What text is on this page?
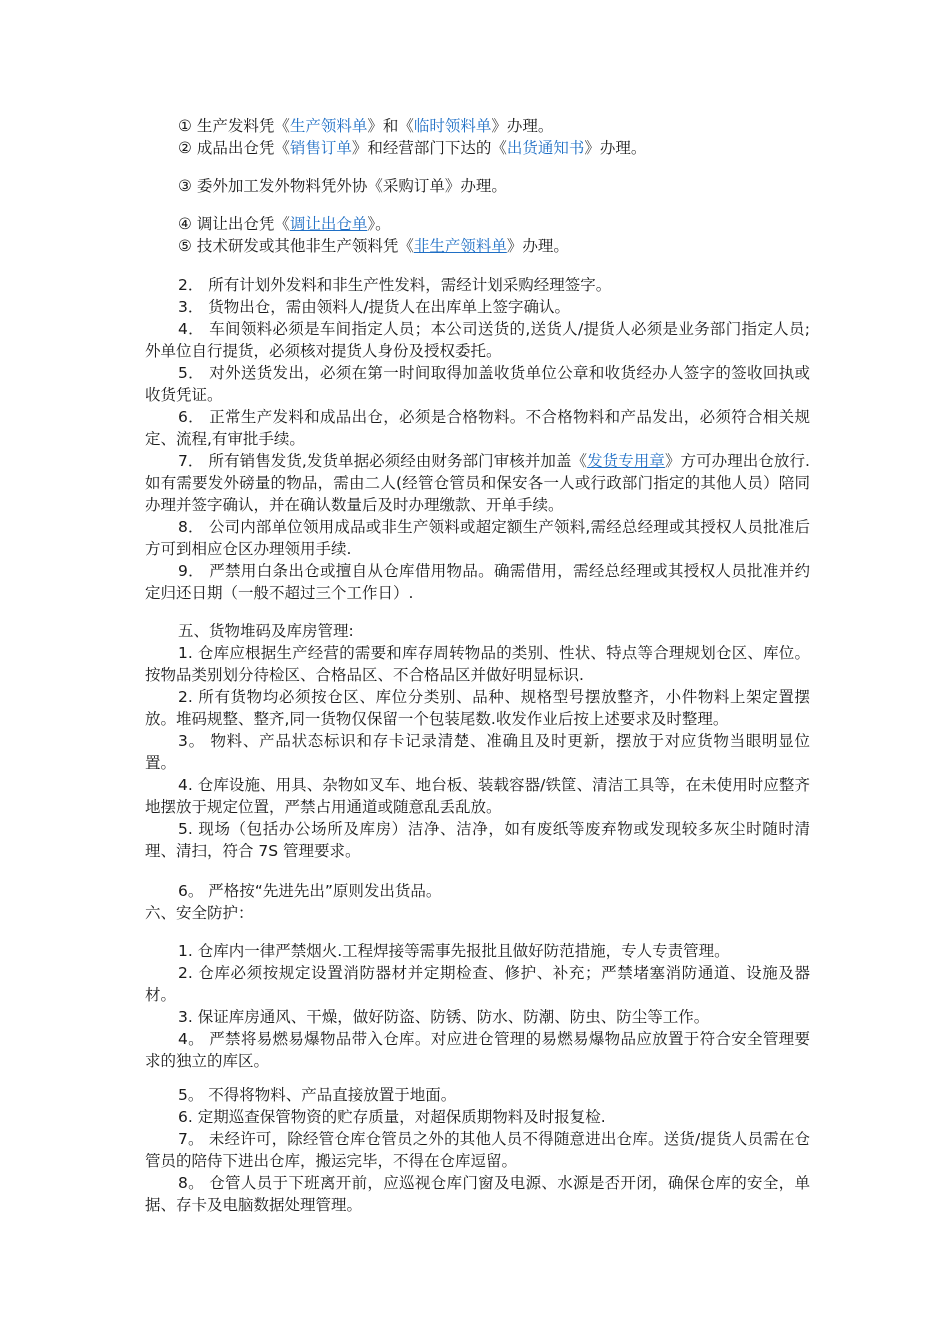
① 生产发料凭《生产领料单》和《临时领料单》办理。

② 成品出仓凭《销售订单》和经营部门下达的《出货通知书》办理。

③ 委外加工发外物料凭外协《采购订单》办理。

④ 调让出仓凭《调让出仓单》。

⑤ 技术研发或其他非生产领料凭《非生产领料单》办理。

2． 所有计划外发料和非生产性发料，需经计划采购经理签字。

3． 货物出仓，需由领料人/提货人在出库单上签字确认。

4． 车间领料必须是车间指定人员；本公司送货的,送货人/提货人必须是业务部门指定人员;外单位自行提货，必须核对提货人身份及授权委托。

5． 对外送货发出，必须在第一时间取得加盖收货单位公章和收货经办人签字的签收回执或收货凭证。

6． 正常生产发料和成品出仓，必须是合格物料。不合格物料和产品发出，必须符合相关规定、流程,有审批手续。

7． 所有销售发货,发货单据必须经由财务部门审核并加盖《发货专用章》方可办理出仓放行.如有需要发外磅量的物品，需由二人(经管仓管员和保安各一人或行政部门指定的其他人员）陪同办理并签字确认，并在确认数量后及时办理缴款、开单手续。

8． 公司内部单位领用成品或非生产领料或超定额生产领料,需经总经理或其授权人员批准后方可到相应仓区办理领用手续.

9． 严禁用白条出仓或擅自从仓库借用物品。确需借用，需经总经理或其授权人员批准并约定归还日期（一般不超过三个工作日）.

五、货物堆码及库房管理:

1. 仓库应根据生产经营的需要和库存周转物品的类别、性状、特点等合理规划仓区、库位。按物品类别划分待检区、合格品区、不合格品区并做好明显标识.

2. 所有货物均必须按仓区、库位分类别、品种、规格型号摆放整齐，小件物料上架定置摆放。堆码规整、整齐,同一货物仅保留一个包装尾数.收发作业后按上述要求及时整理。

3。 物料、产品状态标识和存卡记录清楚、准确且及时更新，摆放于对应货物当眼明显位置。

4. 仓库设施、用具、杂物如叉车、地台板、装载容器/铁筐、清洁工具等，在未使用时应整齐地摆放于规定位置，严禁占用通道或随意乱丢乱放。

5. 现场（包括办公场所及库房）洁净、洁净，如有废纸等废弃物或发现较多灰尘时随时清理、清扫，符合 7S 管理要求。

6。 严格按“先进先出”原则发出货品。

六、安全防护：

1. 仓库内一律严禁烟火.工程焊接等需事先报批且做好防范措施，专人专责管理。

2. 仓库必须按规定设置消防器材并定期检查、修护、补充；严禁堵塞消防通道、设施及器材。

3. 保证库房通风、干燥，做好防盗、防锈、防水、防潮、防虫、防尘等工作。

4。 严禁将易燃易爆物品带入仓库。对应进仓管理的易燃易爆物品应放置于符合安全管理要求的独立的库区。

5。 不得将物料、产品直接放置于地面。

6. 定期巡查保管物资的贮存质量，对超保质期物料及时报复检.

7。 未经许可，除经管仓库仓管员之外的其他人员不得随意进出仓库。送货/提货人员需在仓管员的陪侍下进出仓库，搬运完毕，不得在仓库逗留。

8。 仓管人员于下班离开前，应巡视仓库门窗及电源、水源是否开闭，确保仓库的安全，单据、存卡及电脑数据处理管理。
